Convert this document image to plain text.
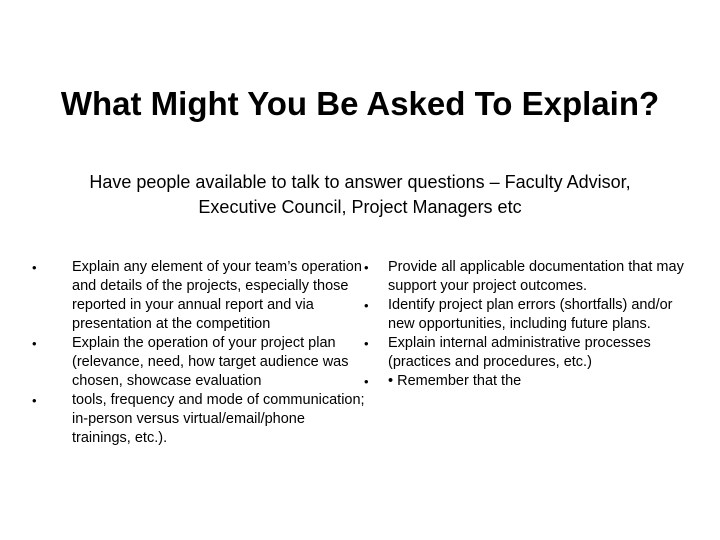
What Might You Be Asked To Explain?

Have people available to talk to answer questions – Faculty Advisor, Executive Council, Project Managers etc

• Explain any element of your team’s operation and details of the projects, especially those reported in your annual report and via presentation at the competition
• Explain the operation of your project plan (relevance, need, how target audience was chosen, showcase evaluation
• tools, frequency and mode of communication; in-person versus virtual/email/phone trainings, etc.).
• Provide all applicable documentation that may support your project outcomes.
• Identify project plan errors (shortfalls) and/or new opportunities, including future plans.
• Explain internal administrative processes (practices and procedures, etc.)
• • Remember that the
